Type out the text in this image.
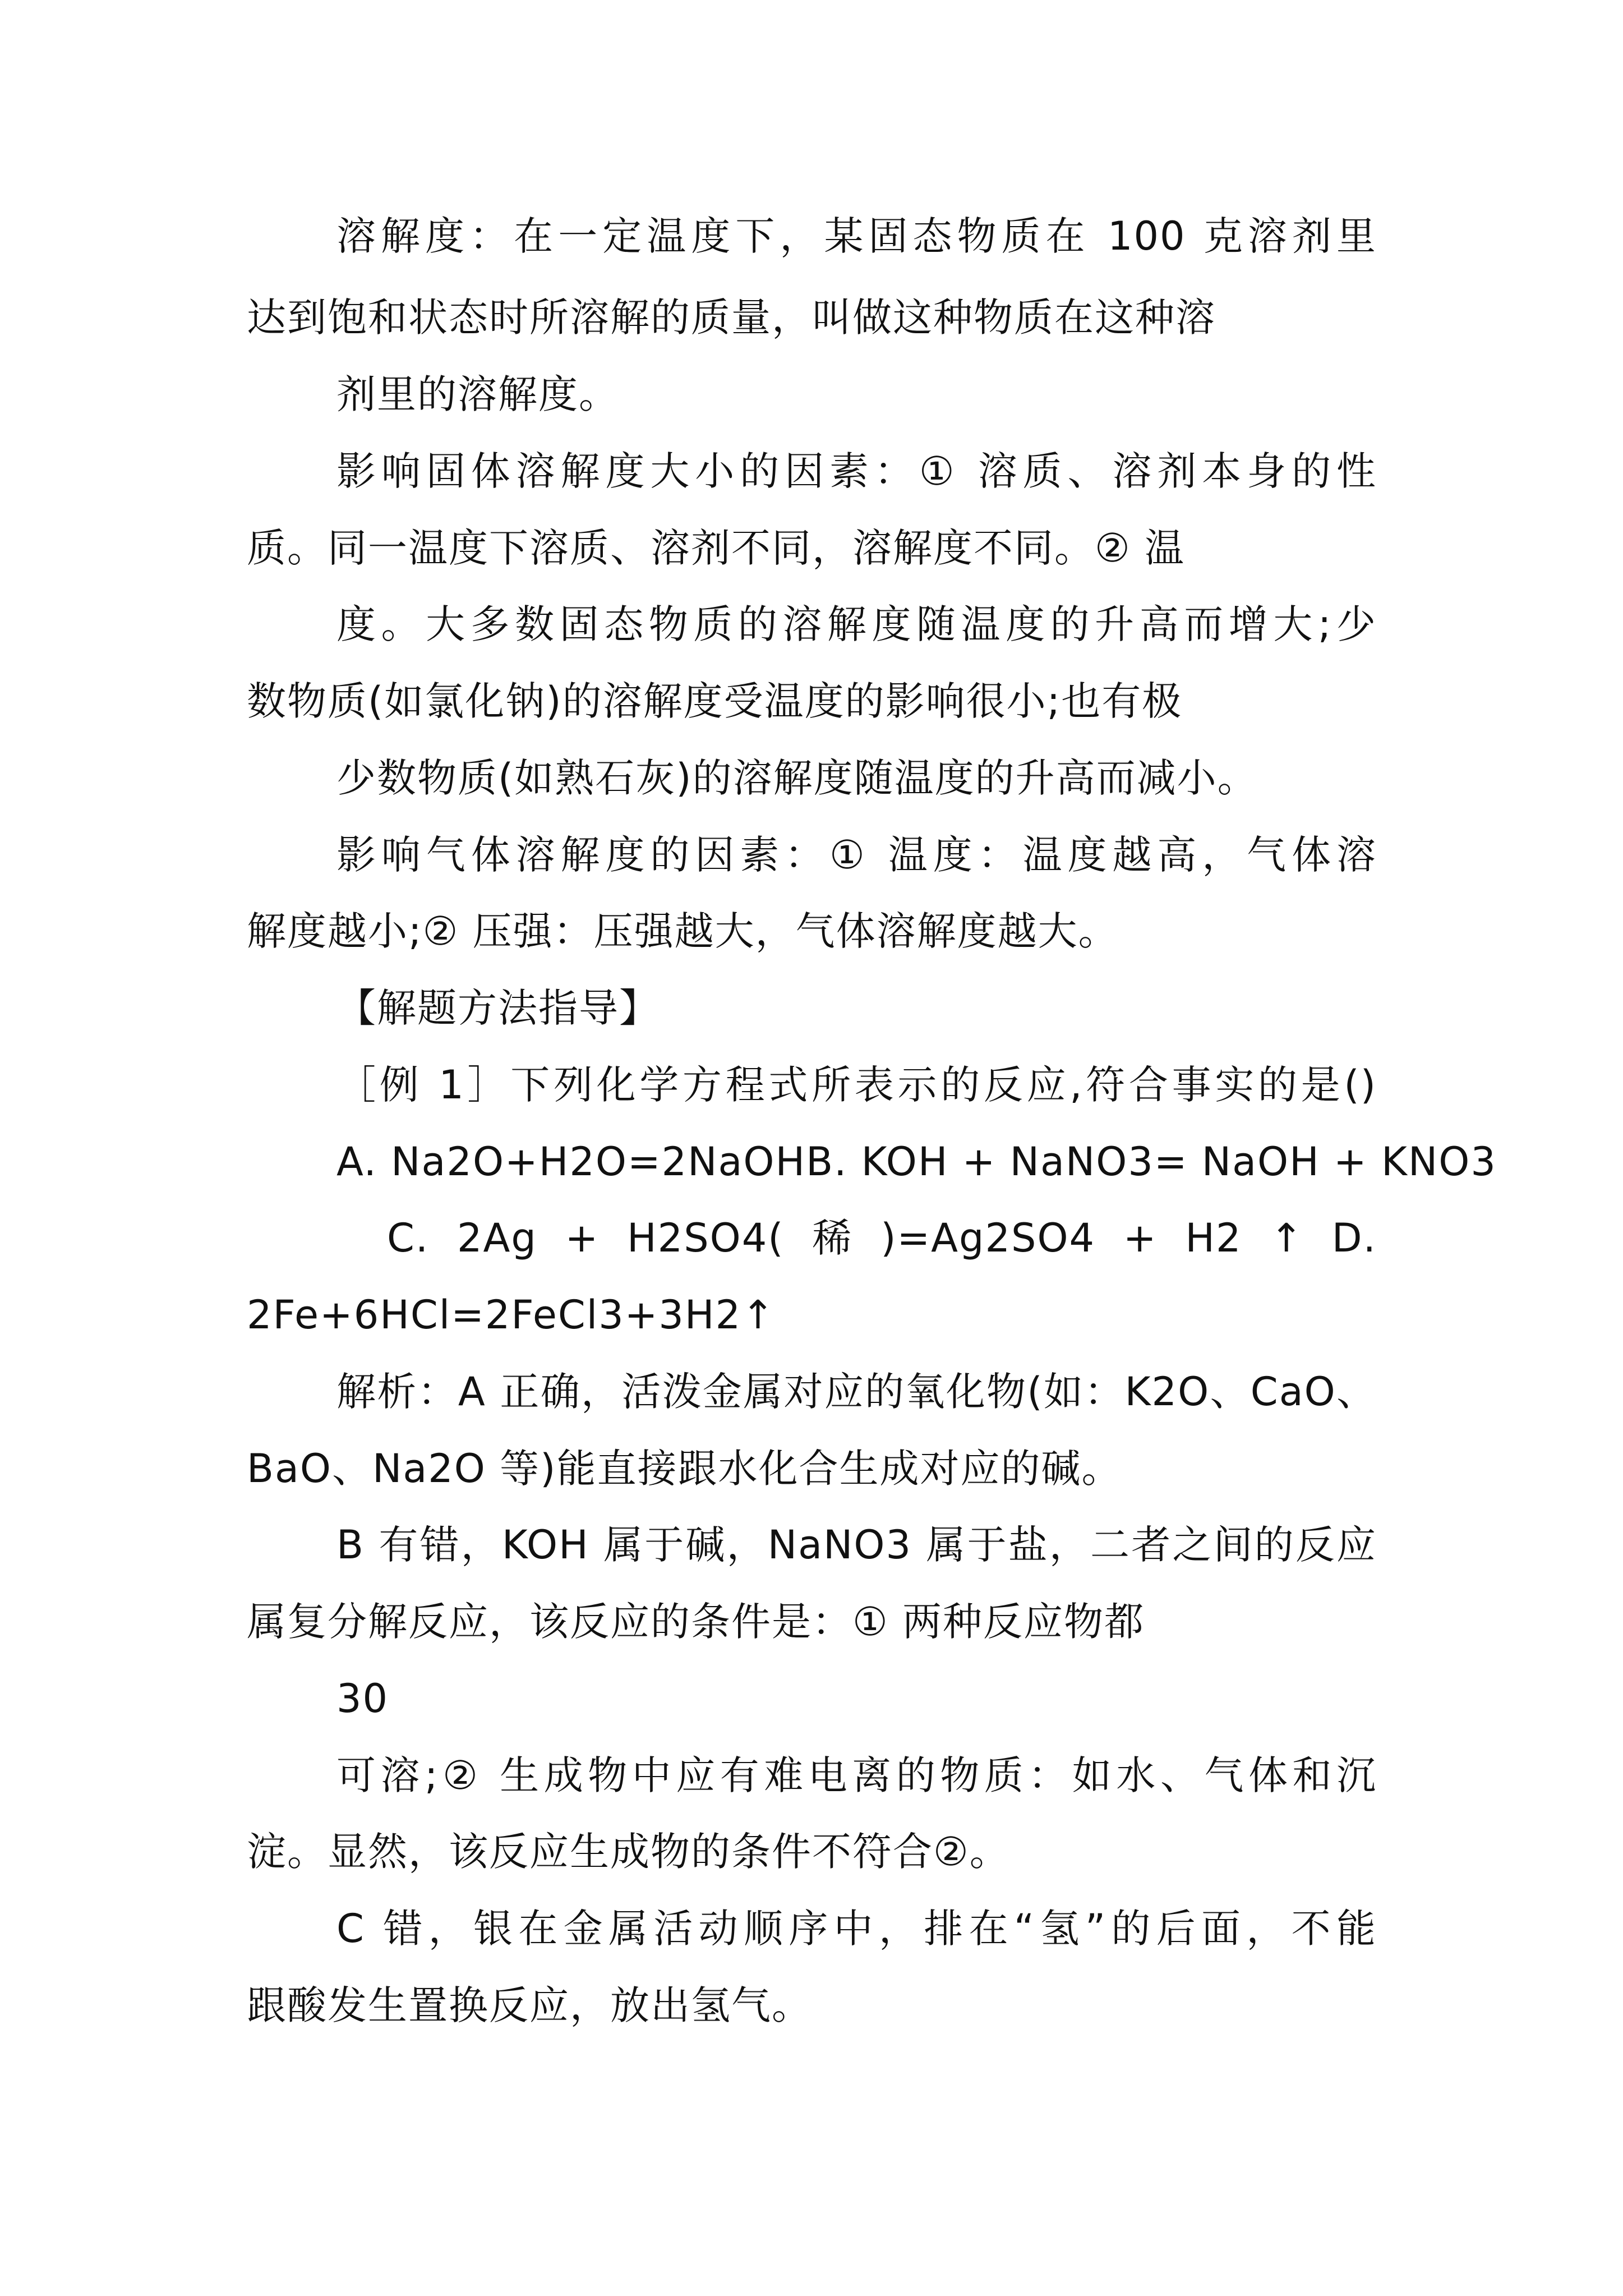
溶解度：在一定温度下，某固态物质在 100 克溶剂里
达到饱和状态时所溶解的质量，叫做这种物质在这种溶
剂里的溶解度。
影响固体溶解度大小的因素：① 溶质、溶剂本身的性
质。同一温度下溶质、溶剂不同，溶解度不同。② 温
度。大多数固态物质的溶解度随温度的升高而增大;少
数物质(如氯化钠)的溶解度受温度的影响很小;也有极
少数物质(如熟石灰)的溶解度随温度的升高而减小。
影响气体溶解度的因素：① 温度：温度越高，气体溶
解度越小;② 压强：压强越大，气体溶解度越大。
【解题方法指导】
［例 1］下列化学方程式所表示的反应,符合事实的是()
A. Na2O+H2O=2NaOHB. KOH + NaNO3= NaOH + KNO3
C. 2Ag + H2SO4( 稀 )=Ag2SO4 + H2 ↑ D.
2Fe+6HCl=2FeCl3+3H2↑
解析：A 正确，活泼金属对应的氧化物(如：K2O、CaO、
BaO、Na2O 等)能直接跟水化合生成对应的碱。
B 有错，KOH 属于碱，NaNO3 属于盐，二者之间的反应
属复分解反应，该反应的条件是：① 两种反应物都
30
可溶;② 生成物中应有难电离的物质：如水、气体和沉
淀。显然，该反应生成物的条件不符合②。
C 错，银在金属活动顺序中，排在“氢”的后面，不能
跟酸发生置换反应，放出氢气。
